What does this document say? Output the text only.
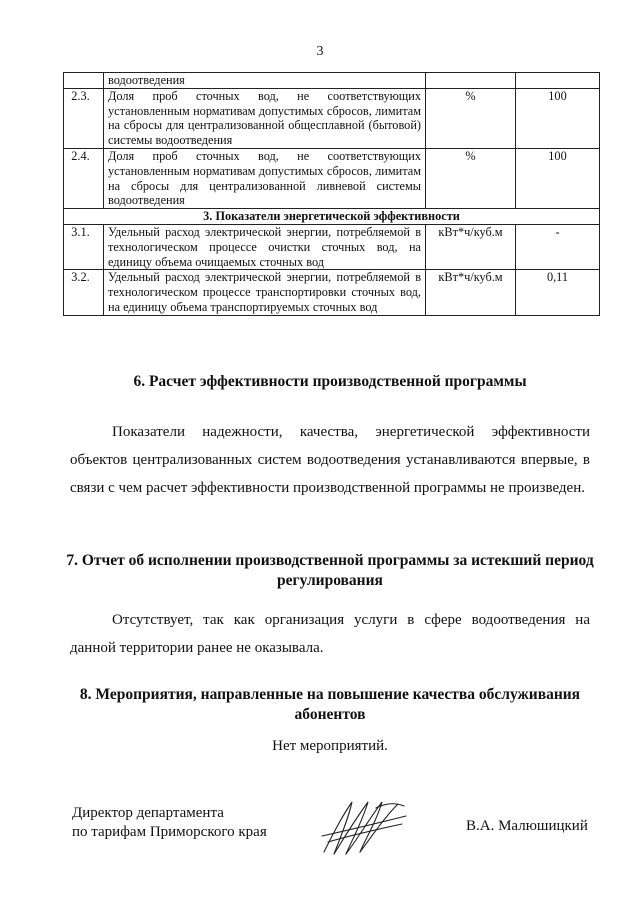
3
	водоотведения		
2.3.	Доля проб сточных вод, не соответствующих установленным нормативам допустимых сбросов, лимитам на сбросы для централизованной общесплавной (бытовой) системы водоотведения	%	100
2.4.	Доля проб сточных вод, не соответствующих установленным нормативам допустимых сбросов, лимитам на сбросы для централизованной ливневой системы водоотведения	%	100
3. Показатели энергетической эффективности			
3.1.	Удельный расход электрической энергии, потребляемой в технологическом процессе очистки сточных вод, на единицу объема очищаемых сточных вод	кВт*ч/куб.м	-
3.2.	Удельный расход электрической энергии, потребляемой в технологическом процессе транспортировки сточных вод, на единицу объема транспортируемых сточных вод	кВт*ч/куб.м	0,11
6. Расчет эффективности производственной программы
Показатели надежности, качества, энергетической эффективности объектов централизованных систем водоотведения устанавливаются впервые, в связи с чем расчет эффективности производственной программы не произведен.
7. Отчет об исполнении производственной программы за истекший период регулирования
Отсутствует, так как организация услуги в сфере водоотведения на данной территории ранее не оказывала.
8. Мероприятия, направленные на повышение качества обслуживания абонентов
Нет мероприятий.
Директор департамента
по тарифам Приморского края	В.А. Малюшицкий
